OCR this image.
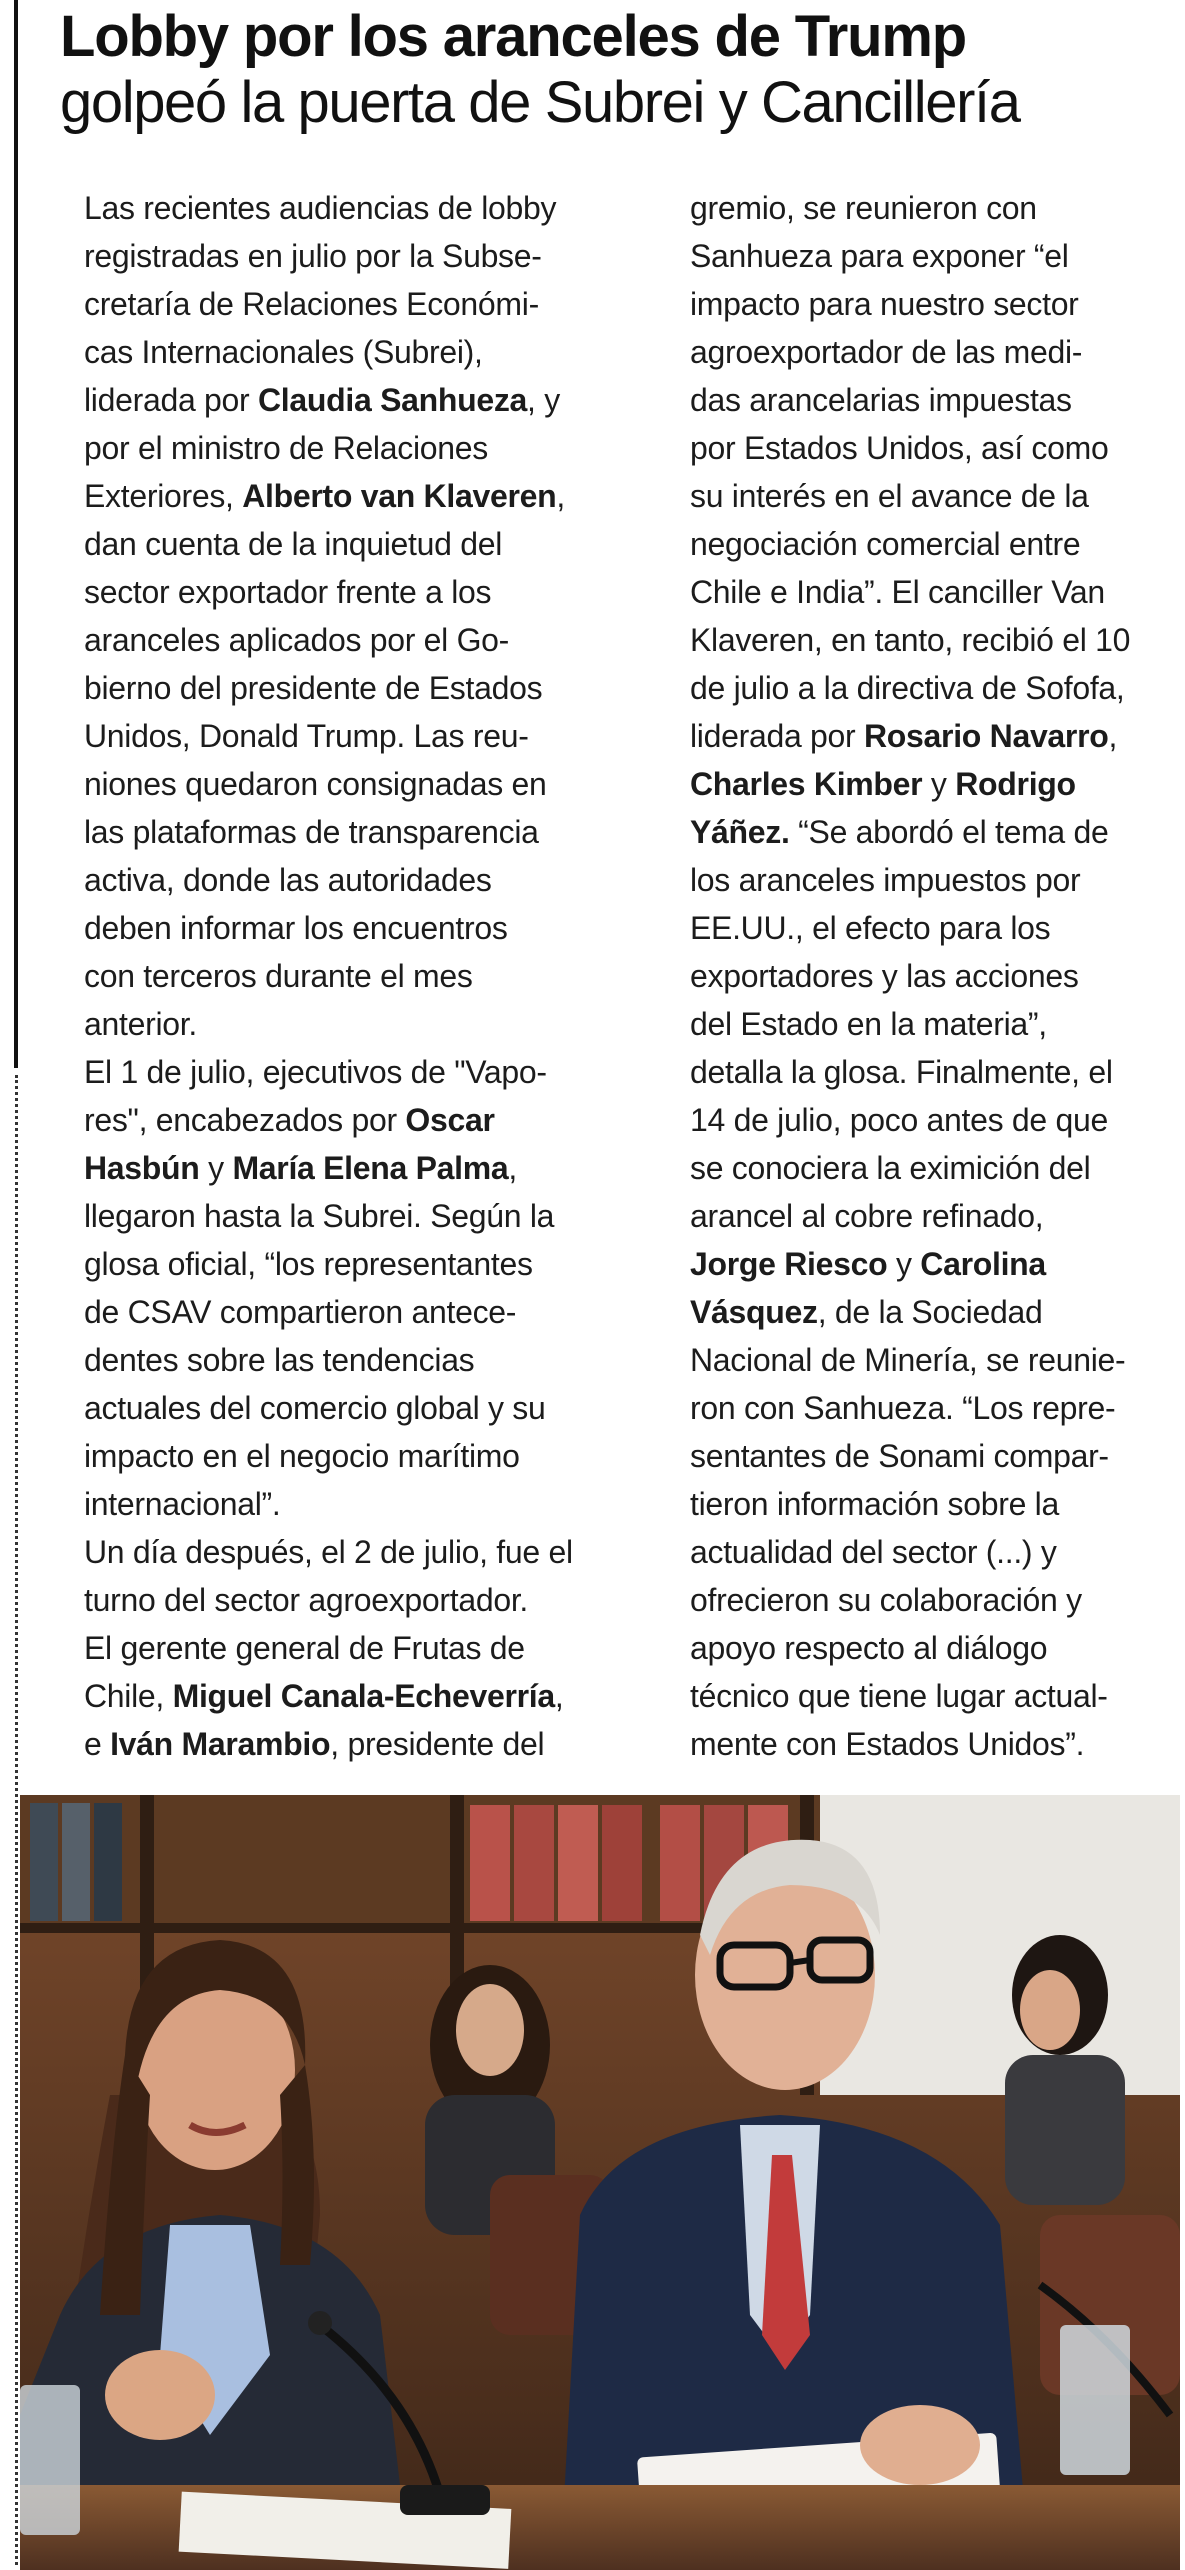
Lobby por los aranceles de Trump
golpeó la puerta de Subrei y Cancillería
Las recientes audiencias de lobby
registradas en julio por la Subse-
cretaría de Relaciones Económi-
cas Internacionales (Subrei),
liderada por Claudia Sanhueza, y
por el ministro de Relaciones
Exteriores, Alberto van Klaveren,
dan cuenta de la inquietud del
sector exportador frente a los
aranceles aplicados por el Go-
bierno del presidente de Estados
Unidos, Donald Trump. Las reu-
niones quedaron consignadas en
las plataformas de transparencia
activa, donde las autoridades
deben informar los encuentros
con terceros durante el mes
anterior.
El 1 de julio, ejecutivos de "Vapo-
res", encabezados por Oscar
Hasbún y María Elena Palma,
llegaron hasta la Subrei. Según la
glosa oficial, “los representantes
de CSAV compartieron antece-
dentes sobre las tendencias
actuales del comercio global y su
impacto en el negocio marítimo
internacional”.
Un día después, el 2 de julio, fue el
turno del sector agroexportador.
El gerente general de Frutas de
Chile, Miguel Canala-Echeverría,
e Iván Marambio, presidente del
gremio, se reunieron con
Sanhueza para exponer “el
impacto para nuestro sector
agroexportador de las medi-
das arancelarias impuestas
por Estados Unidos, así como
su interés en el avance de la
negociación comercial entre
Chile e India”. El canciller Van
Klaveren, en tanto, recibió el 10
de julio a la directiva de Sofofa,
liderada por Rosario Navarro,
Charles Kimber y Rodrigo
Yáñez. “Se abordó el tema de
los aranceles impuestos por
EE.UU., el efecto para los
exportadores y las acciones
del Estado en la materia”,
detalla la glosa. Finalmente, el
14 de julio, poco antes de que
se conociera la eximición del
arancel al cobre refinado,
Jorge Riesco y Carolina
Vásquez, de la Sociedad
Nacional de Minería, se reunie-
ron con Sanhueza. “Los repre-
sentantes de Sonami compar-
tieron información sobre la
actualidad del sector (...) y
ofrecieron su colaboración y
apoyo respecto al diálogo
técnico que tiene lugar actual-
mente con Estados Unidos”.
